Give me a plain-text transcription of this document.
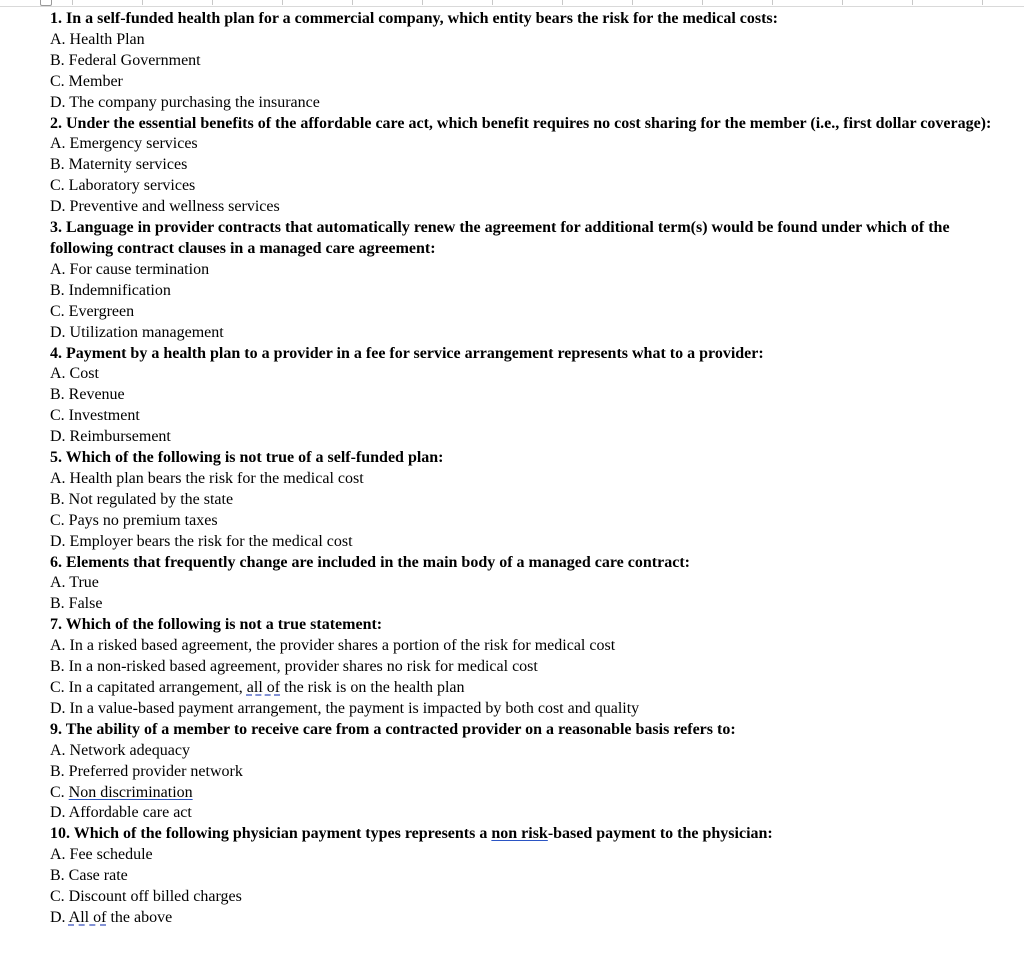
1. In a self-funded health plan for a commercial company, which entity bears the risk for the medical costs:
A. Health Plan
B. Federal Government
C. Member
D. The company purchasing the insurance
2. Under the essential benefits of the affordable care act, which benefit requires no cost sharing for the member (i.e., first dollar coverage):
A. Emergency services
B. Maternity services
C. Laboratory services
D. Preventive and wellness services
3. Language in provider contracts that automatically renew the agreement for additional term(s) would be found under which of the following contract clauses in a managed care agreement:
A. For cause termination
B. Indemnification
C. Evergreen
D. Utilization management
4. Payment by a health plan to a provider in a fee for service arrangement represents what to a provider:
A. Cost
B. Revenue
C. Investment
D. Reimbursement
5. Which of the following is not true of a self-funded plan:
A. Health plan bears the risk for the medical cost
B. Not regulated by the state
C. Pays no premium taxes
D. Employer bears the risk for the medical cost
6. Elements that frequently change are included in the main body of a managed care contract:
A. True
B. False
7. Which of the following is not a true statement:
A. In a risked based agreement, the provider shares a portion of the risk for medical cost
B. In a non-risked based agreement, provider shares no risk for medical cost
C. In a capitated arrangement, all of the risk is on the health plan
D. In a value-based payment arrangement, the payment is impacted by both cost and quality
9. The ability of a member to receive care from a contracted provider on a reasonable basis refers to:
A. Network adequacy
B. Preferred provider network
C. Non discrimination
D. Affordable care act
10. Which of the following physician payment types represents a non risk-based payment to the physician:
A. Fee schedule
B. Case rate
C. Discount off billed charges
D. All of the above
